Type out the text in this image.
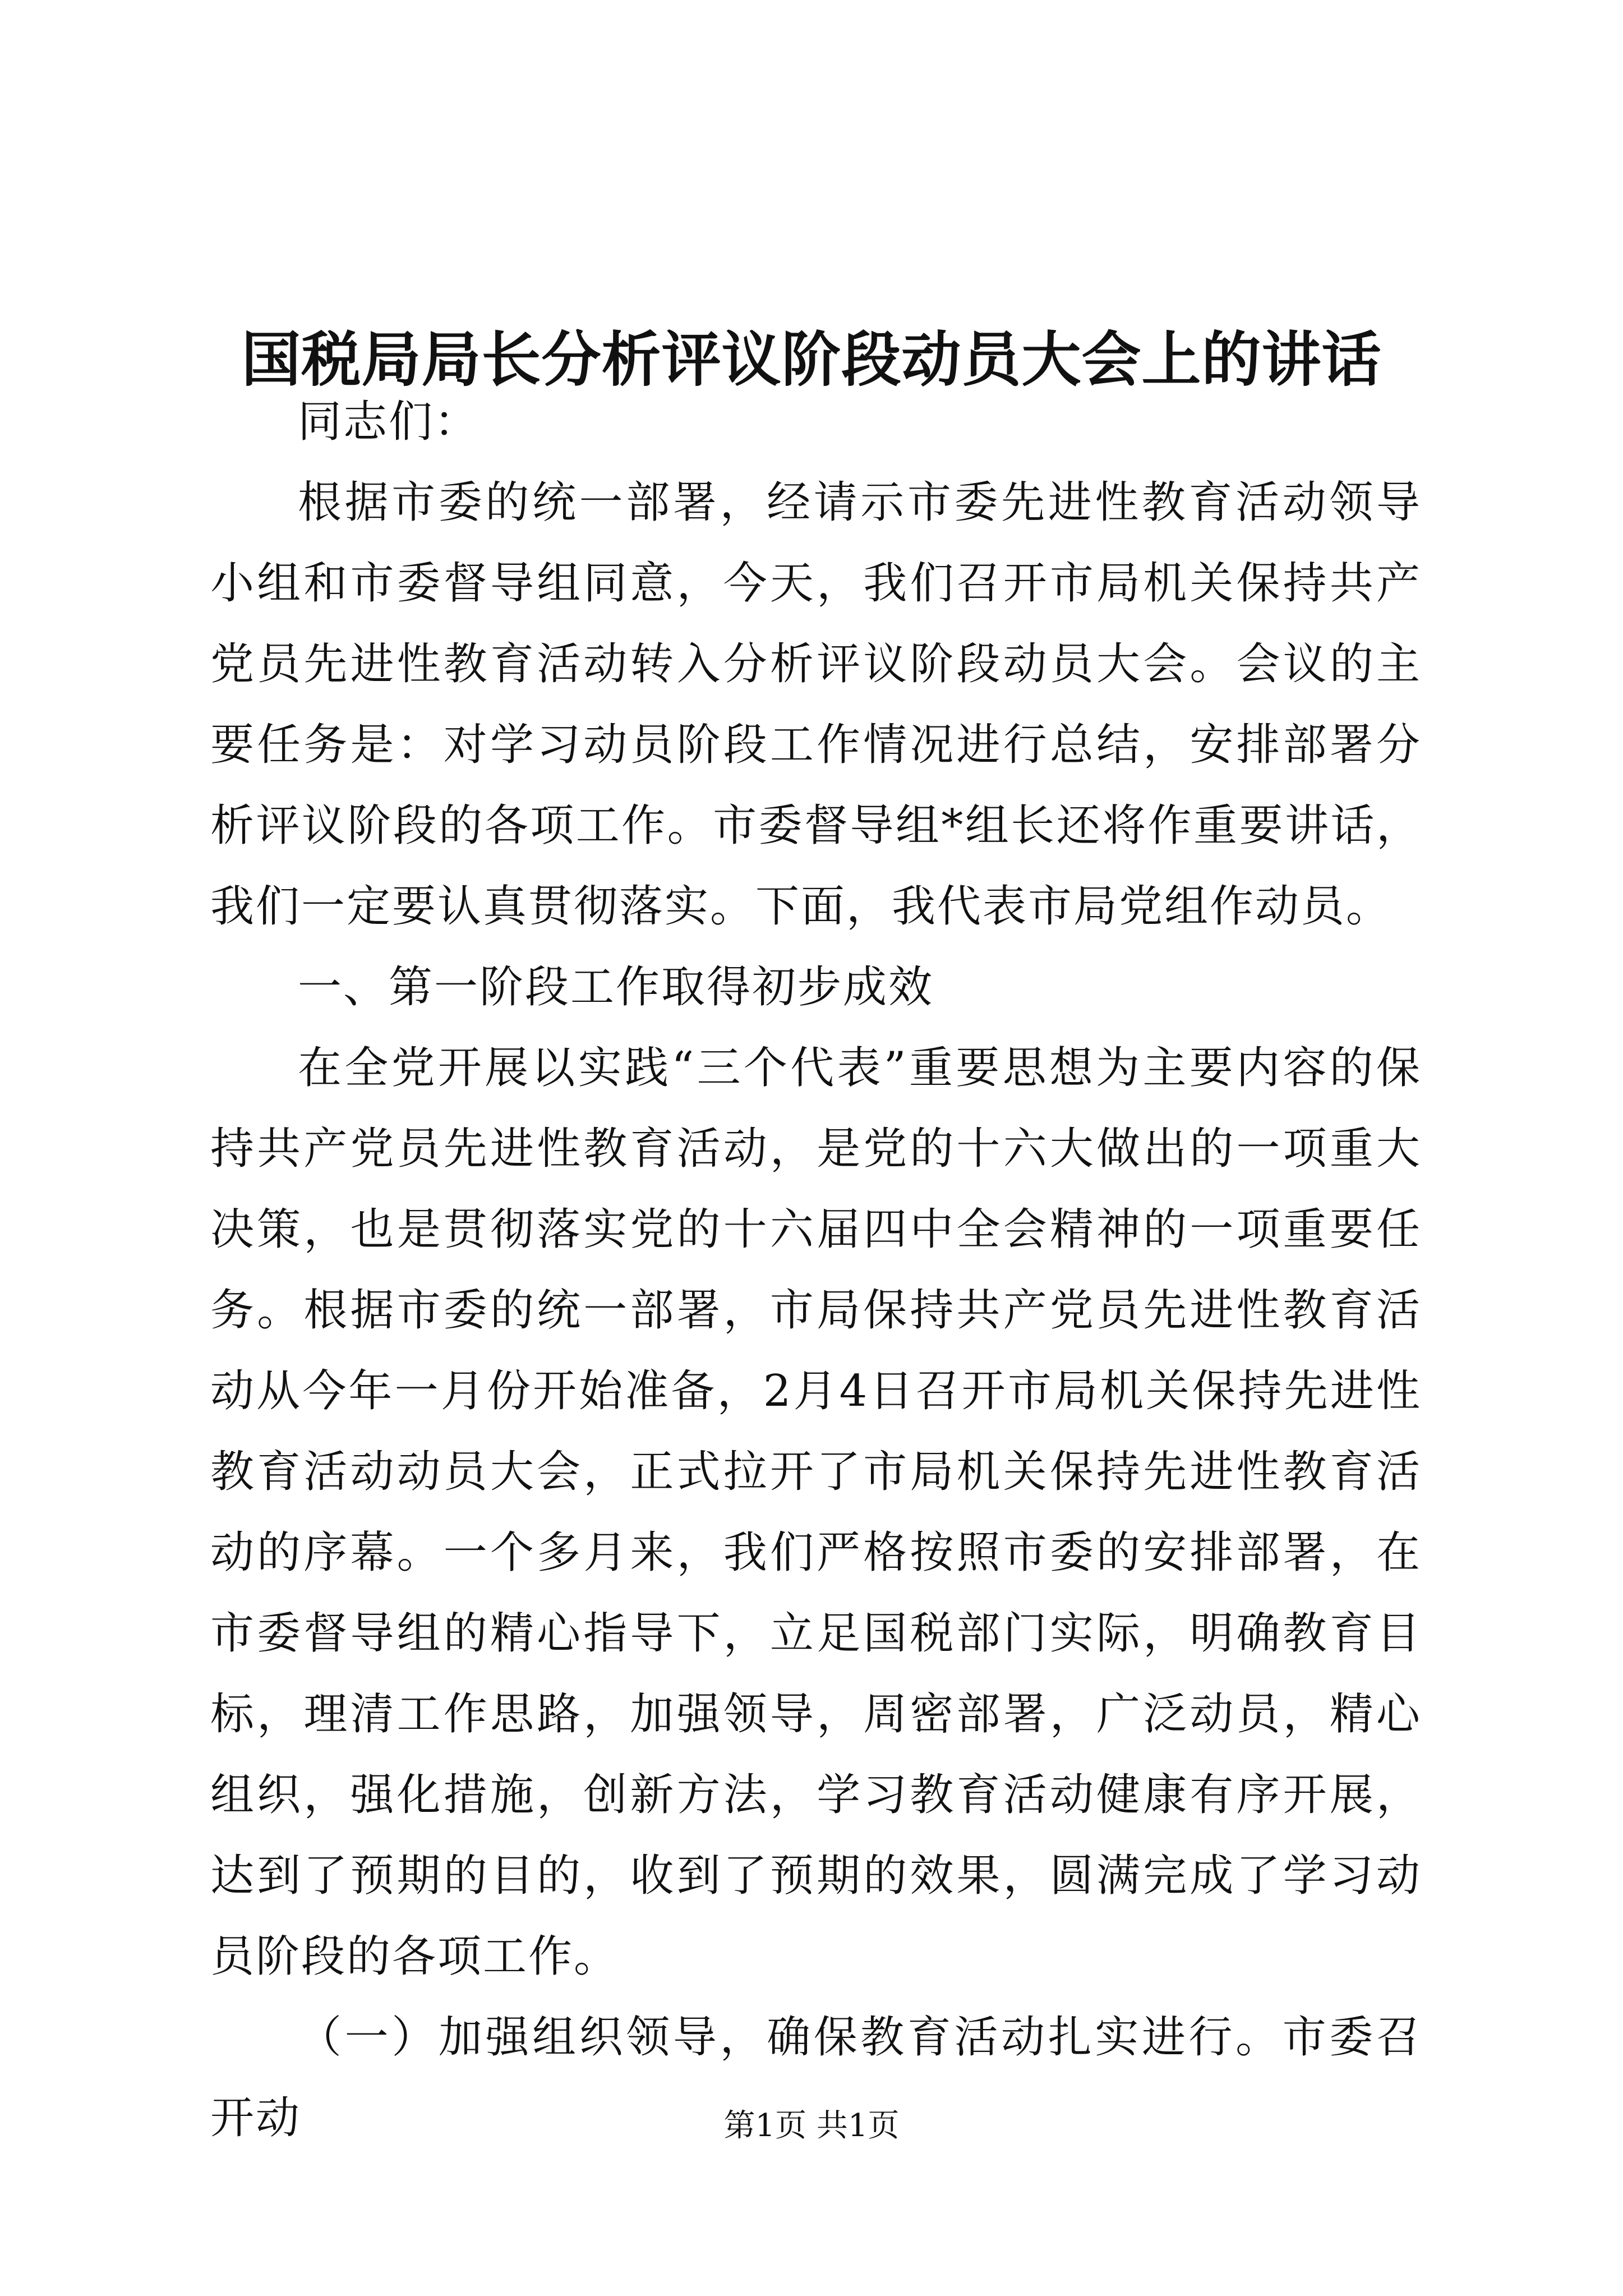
国税局局长分析评议阶段动员大会上的讲话

同志们：

根据市委的统一部署，经请示市委先进性教育活动领导小组和市委督导组同意，今天，我们召开市局机关保持共产党员先进性教育活动转入分析评议阶段动员大会。会议的主要任务是：对学习动员阶段工作情况进行总结，安排部署分析评议阶段的各项工作。市委督导组*组长还将作重要讲话，我们一定要认真贯彻落实。下面，我代表市局党组作动员。

一、第一阶段工作取得初步成效

在全党开展以实践“三个代表”重要思想为主要内容的保持共产党员先进性教育活动，是党的十六大做出的一项重大决策，也是贯彻落实党的十六届四中全会精神的一项重要任务。根据市委的统一部署，市局保持共产党员先进性教育活动从今年一月份开始准备，2月4日召开市局机关保持先进性教育活动动员大会，正式拉开了市局机关保持先进性教育活动的序幕。一个多月来，我们严格按照市委的安排部署，在市委督导组的精心指导下，立足国税部门实际，明确教育目标，理清工作思路，加强领导，周密部署，广泛动员，精心组织，强化措施，创新方法，学习教育活动健康有序开展，达到了预期的目的，收到了预期的效果，圆满完成了学习动员阶段的各项工作。

（一）加强组织领导，确保教育活动扎实进行。市委召开动	第1页 共1页
